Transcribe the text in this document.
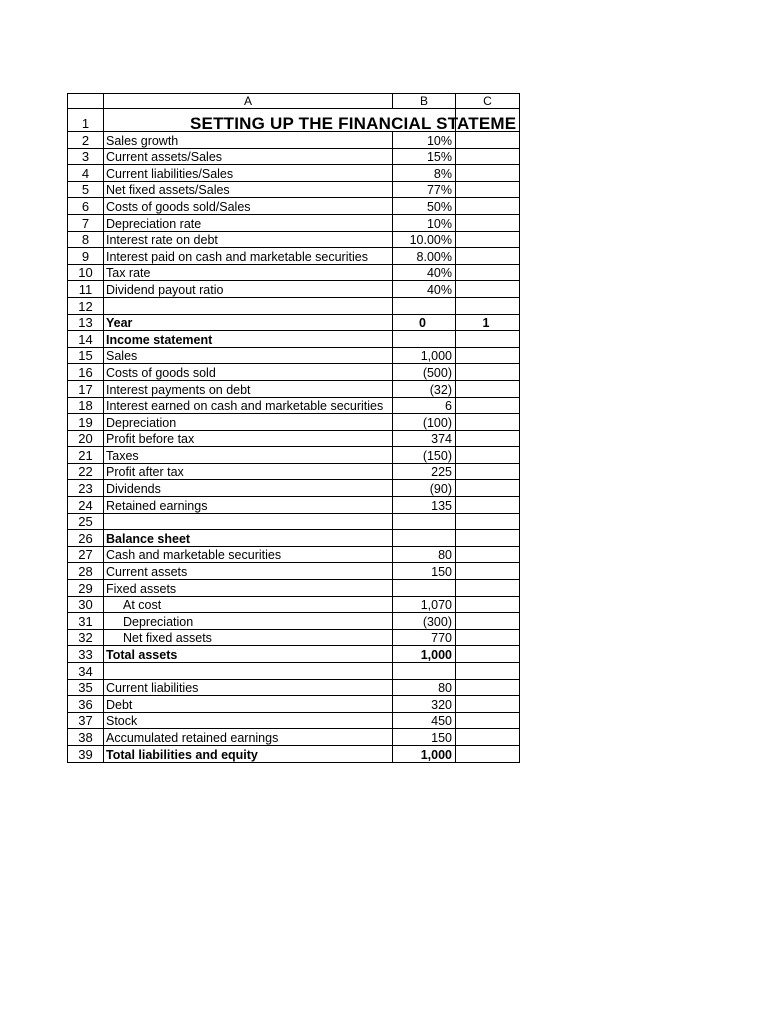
	A	B	C
1	SETTING UP THE FINANCIAL STATEME		

2	Sales growth	10%	
3	Current assets/Sales	15%	
4	Current liabilities/Sales	8%	
5	Net fixed assets/Sales	77%	
6	Costs of goods sold/Sales	50%	
7	Depreciation rate	10%	
8	Interest rate on debt	10.00%	
9	Interest paid on cash and marketable securities	8.00%	
10	Tax rate	40%	
11	Dividend payout ratio	40%	
12			
13	Year	0	1
14	Income statement		
15	Sales	1,000	
16	Costs of goods sold	(500)	
17	Interest payments on debt	(32)	
18	Interest earned on cash and marketable securities	6	
19	Depreciation	(100)	
20	Profit before tax	374	
21	Taxes	(150)	
22	Profit after tax	225	
23	Dividends	(90)	
24	Retained earnings	135	
25			
26	Balance sheet		
27	Cash and marketable securities	80	
28	Current assets	150	
29	Fixed assets		
30	At cost	1,070	
31	Depreciation	(300)	
32	Net fixed assets	770	
33	Total assets	1,000	
34			
35	Current liabilities	80	
36	Debt	320	
37	Stock	450	
38	Accumulated retained earnings	150	
39	Total liabilities and equity	1,000	
